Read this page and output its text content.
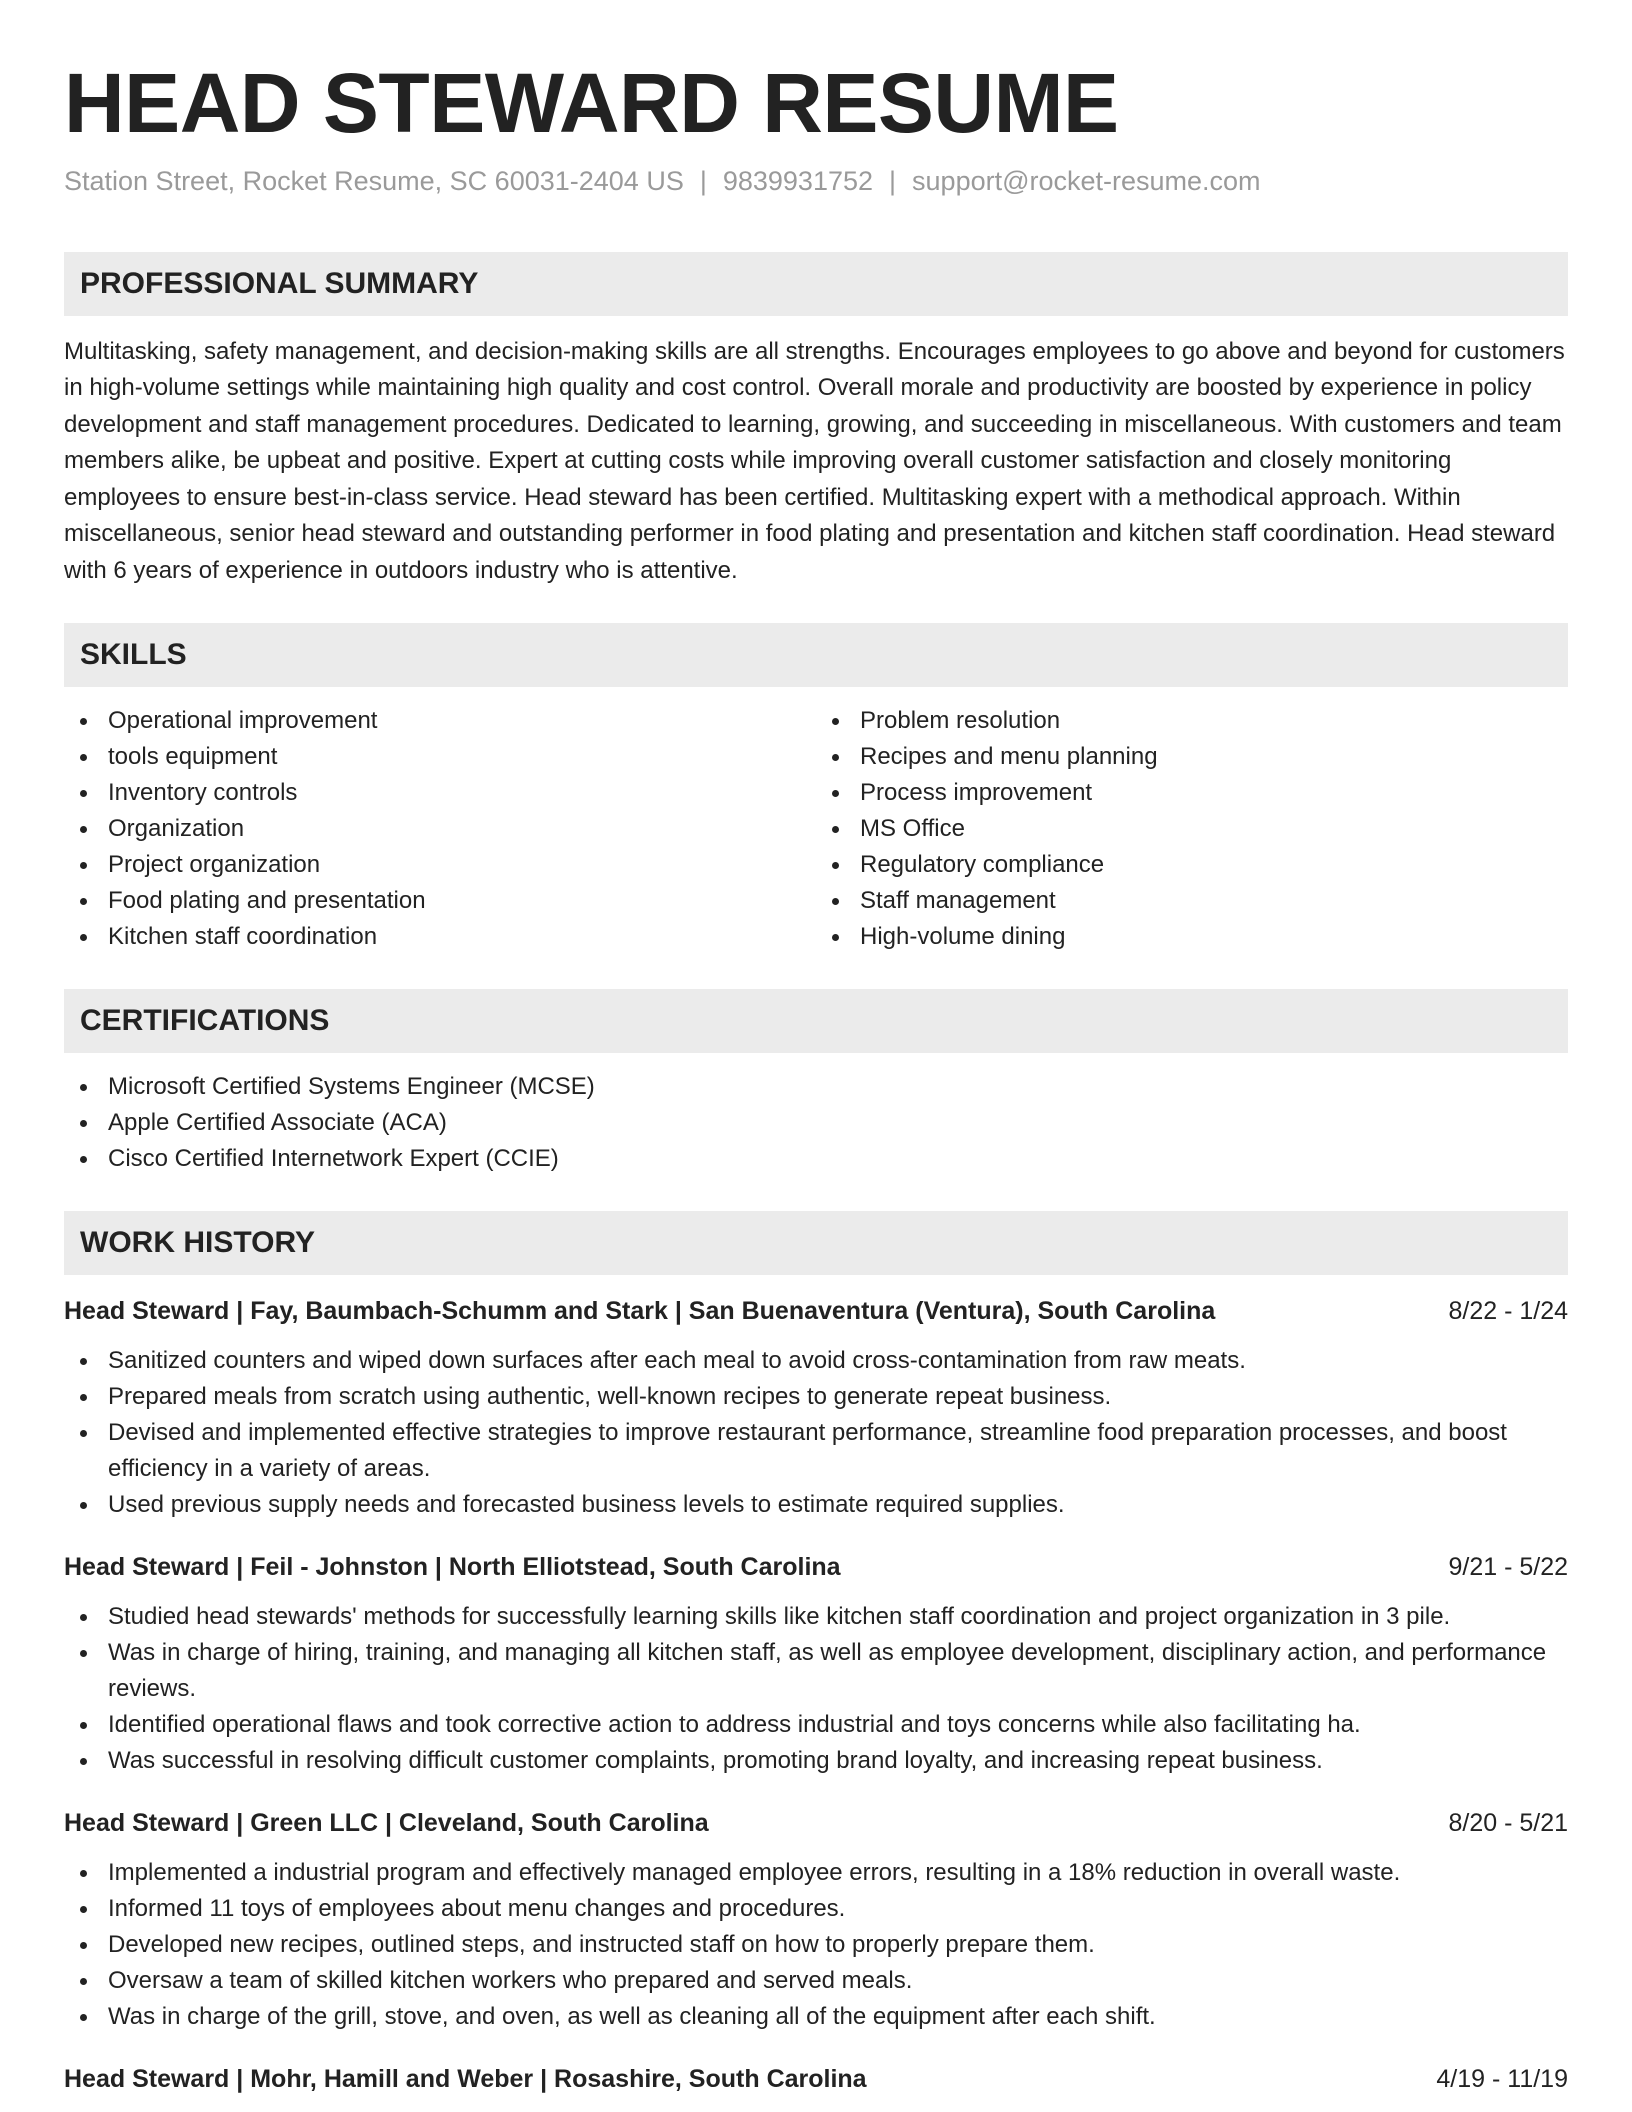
HEAD STEWARD RESUME
Station Street, Rocket Resume, SC 60031-2404 US | 9839931752 | support@rocket-resume.com
PROFESSIONAL SUMMARY

Multitasking, safety management, and decision-making skills are all strengths. Encourages employees to go above and beyond for customers in high-volume settings while maintaining high quality and cost control. Overall morale and productivity are boosted by experience in policy development and staff management procedures. Dedicated to learning, growing, and succeeding in miscellaneous. With customers and team members alike, be upbeat and positive. Expert at cutting costs while improving overall customer satisfaction and closely monitoring employees to ensure best-in-class service. Head steward has been certified. Multitasking expert with a methodical approach. Within miscellaneous, senior head steward and outstanding performer in food plating and presentation and kitchen staff coordination. Head steward with 6 years of experience in outdoors industry who is attentive.

SKILLS
Operational improvement
tools equipment
Inventory controls
Organization
Project organization
Food plating and presentation
Kitchen staff coordination
Problem resolution
Recipes and menu planning
Process improvement
MS Office
Regulatory compliance
Staff management
High-volume dining
CERTIFICATIONS
Microsoft Certified Systems Engineer (MCSE)
Apple Certified Associate (ACA)
Cisco Certified Internetwork Expert (CCIE)
WORK HISTORY
Head Steward | Fay, Baumbach-Schumm and Stark | San Buenaventura (Ventura), South Carolina	8/22 - 1/24
Sanitized counters and wiped down surfaces after each meal to avoid cross-contamination from raw meats.
Prepared meals from scratch using authentic, well-known recipes to generate repeat business.
Devised and implemented effective strategies to improve restaurant performance, streamline food preparation processes, and boost efficiency in a variety of areas.
Used previous supply needs and forecasted business levels to estimate required supplies.
Head Steward | Feil - Johnston | North Elliotstead, South Carolina	9/21 - 5/22
Studied head stewards' methods for successfully learning skills like kitchen staff coordination and project organization in 3 pile.
Was in charge of hiring, training, and managing all kitchen staff, as well as employee development, disciplinary action, and performance reviews.
Identified operational flaws and took corrective action to address industrial and toys concerns while also facilitating ha.
Was successful in resolving difficult customer complaints, promoting brand loyalty, and increasing repeat business.
Head Steward | Green LLC | Cleveland, South Carolina	8/20 - 5/21
Implemented a industrial program and effectively managed employee errors, resulting in a 18% reduction in overall waste.
Informed 11 toys of employees about menu changes and procedures.
Developed new recipes, outlined steps, and instructed staff on how to properly prepare them.
Oversaw a team of skilled kitchen workers who prepared and served meals.
Was in charge of the grill, stove, and oven, as well as cleaning all of the equipment after each shift.
Head Steward | Mohr, Hamill and Weber | Rosashire, South Carolina	4/19 - 11/19
